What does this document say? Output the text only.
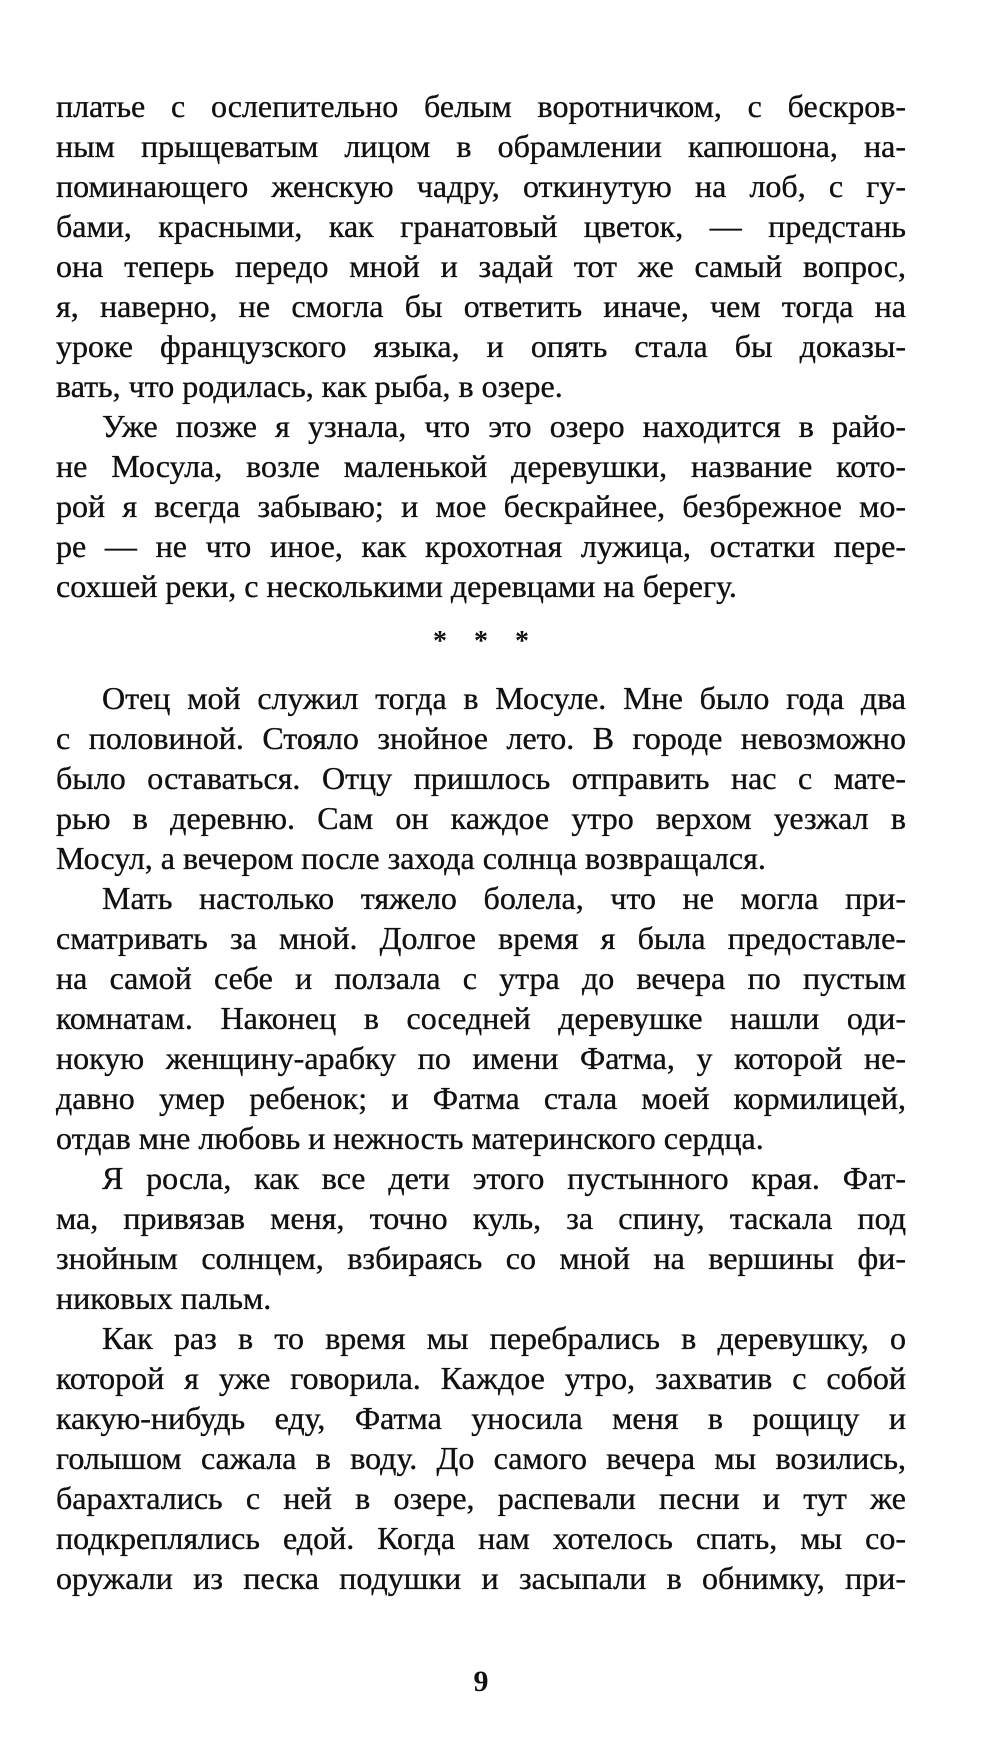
платье с ослепительно белым воротничком, с бескров-
ным прыщеватым лицом в обрамлении капюшона, на-
поминающего женскую чадру, откинутую на лоб, с гу-
бами, красными, как гранатовый цветок, — предстань
она теперь передо мной и задай тот же самый вопрос,
я, наверно, не смогла бы ответить иначе, чем тогда на
уроке французского языка, и опять стала бы доказы-
вать, что родилась, как рыба, в озере.
Уже позже я узнала, что это озеро находится в райо-
не Мосула, возле маленькой деревушки, название кото-
рой я всегда забываю; и мое бескрайнее, безбрежное мо-
ре — не что иное, как крохотная лужица, остатки пере-
сохшей реки, с несколькими деревцами на берегу.
* * *
Отец мой служил тогда в Мосуле. Мне было года два
с половиной. Стояло знойное лето. В городе невозможно
было оставаться. Отцу пришлось отправить нас с мате-
рью в деревню. Сам он каждое утро верхом уезжал в
Мосул, а вечером после захода солнца возвращался.
Мать настолько тяжело болела, что не могла при-
сматривать за мной. Долгое время я была предоставле-
на самой себе и ползала с утра до вечера по пустым
комнатам. Наконец в соседней деревушке нашли оди-
нокую женщину-арабку по имени Фатма, у которой не-
давно умер ребенок; и Фатма стала моей кормилицей,
отдав мне любовь и нежность материнского сердца.
Я росла, как все дети этого пустынного края. Фат-
ма, привязав меня, точно куль, за спину, таскала под
знойным солнцем, взбираясь со мной на вершины фи-
никовых пальм.
Как раз в то время мы перебрались в деревушку, о
которой я уже говорила. Каждое утро, захватив с собой
какую-нибудь еду, Фатма уносила меня в рощицу и
голышом сажала в воду. До самого вечера мы возились,
барахтались с ней в озере, распевали песни и тут же
подкреплялись едой. Когда нам хотелось спать, мы со-
оружали из песка подушки и засыпали в обнимку, при-
9
